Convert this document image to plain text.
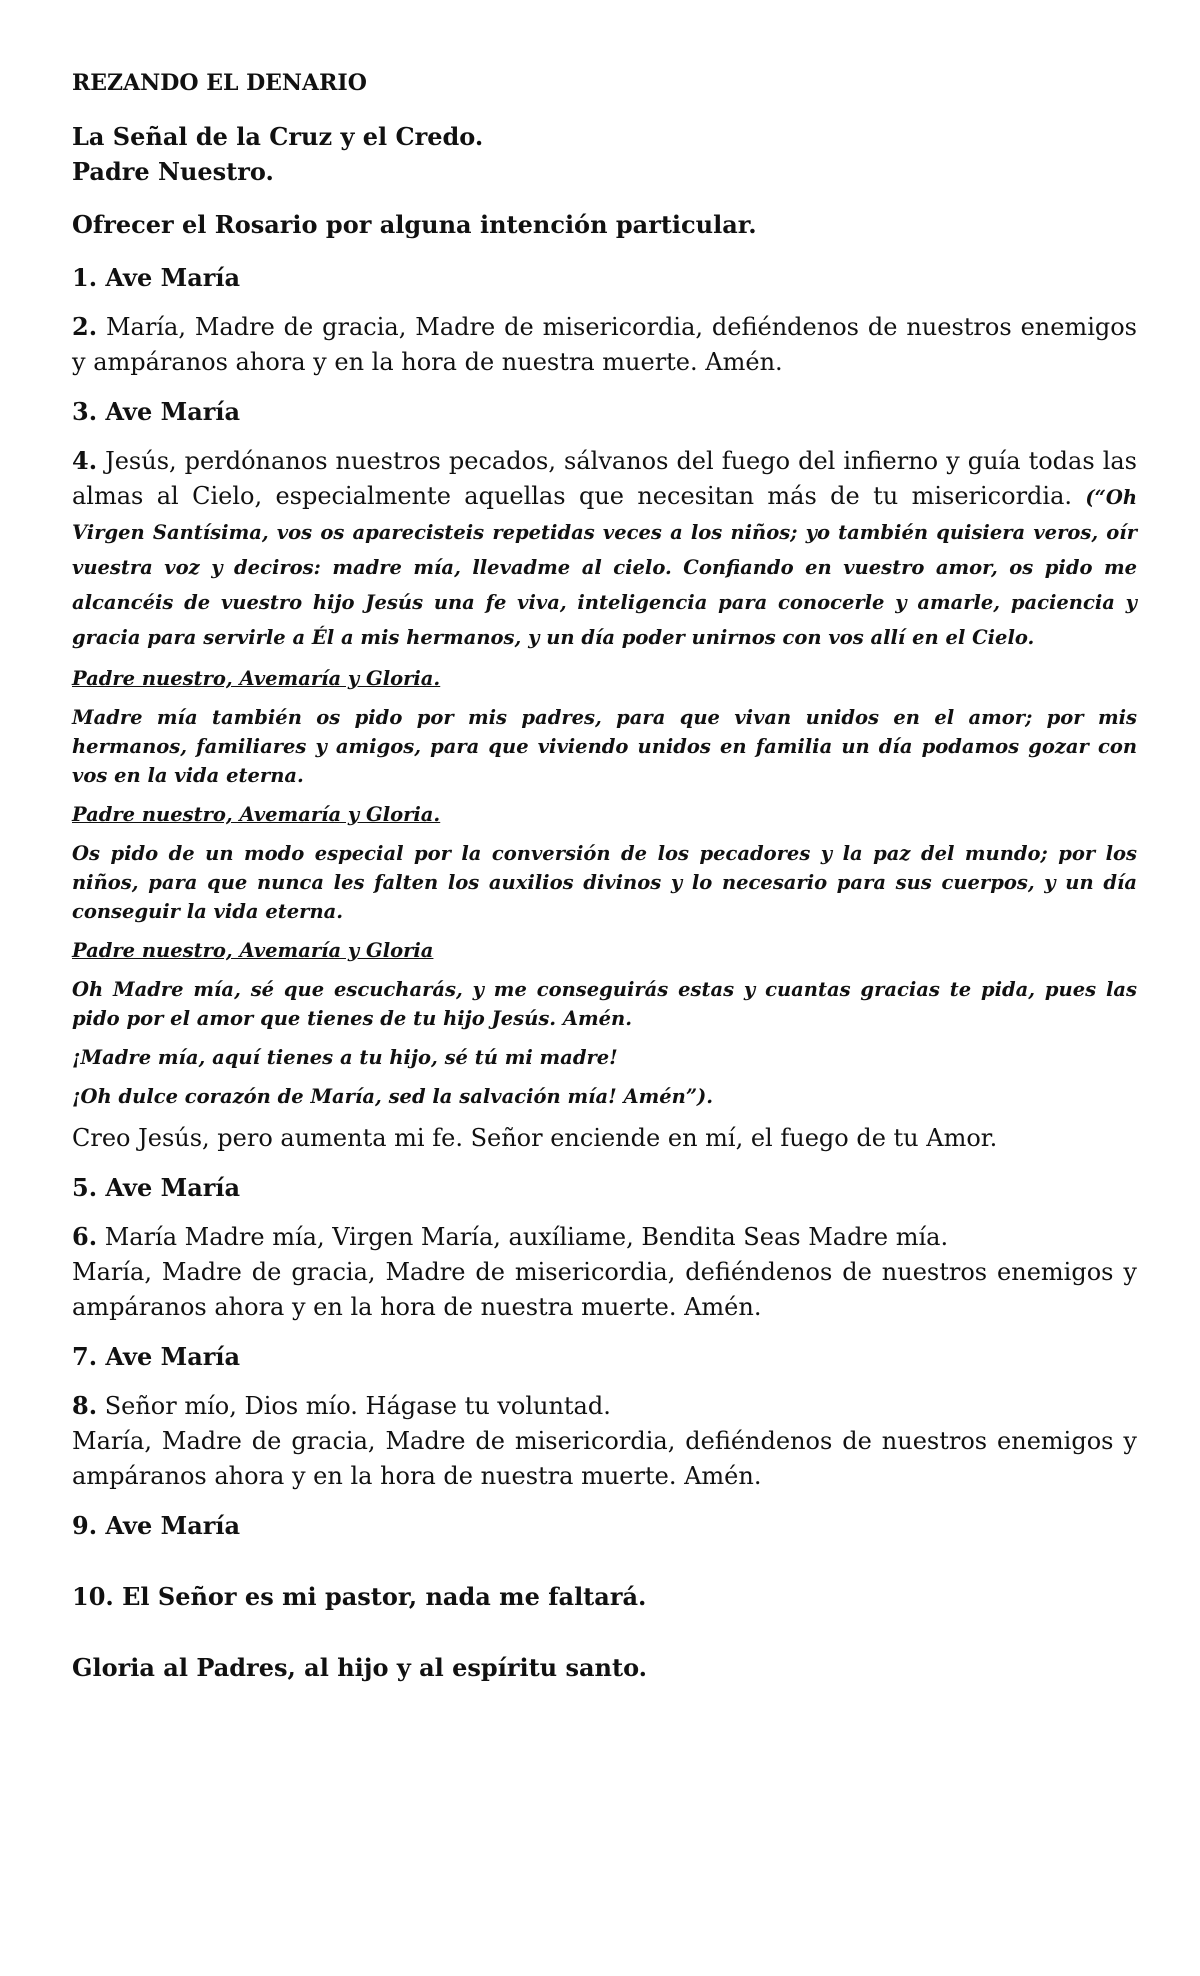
REZANDO EL DENARIO

La Señal de la Cruz y el Credo.

Padre Nuestro.

Ofrecer el Rosario por alguna intención particular.

1. Ave María

2. María, Madre de gracia, Madre de misericordia, defiéndenos de nuestros enemigos y ampáranos ahora y en la hora de nuestra muerte. Amén.

3. Ave María

4. Jesús, perdónanos nuestros pecados, sálvanos del fuego del infierno y guía todas las almas al Cielo, especialmente aquellas que necesitan más de tu misericordia. (“Oh Virgen Santísima, vos os aparecisteis repetidas veces a los niños; yo también quisiera veros, oír vuestra voz y deciros: madre mía, llevadme al cielo. Confiando en vuestro amor, os pido me alcancéis de vuestro hijo Jesús una fe viva, inteligencia para conocerle y amarle, paciencia y gracia para servirle a Él a mis hermanos, y un día poder unirnos con vos allí en el Cielo.

Padre nuestro, Avemaría y Gloria.

Madre mía también os pido por mis padres, para que vivan unidos en el amor; por mis hermanos, familiares y amigos, para que viviendo unidos en familia un día podamos gozar con vos en la vida eterna.

Padre nuestro, Avemaría y Gloria.

Os pido de un modo especial por la conversión de los pecadores y la paz del mundo; por los niños, para que nunca les falten los auxilios divinos y lo necesario para sus cuerpos, y un día conseguir la vida eterna.

Padre nuestro, Avemaría y Gloria

Oh Madre mía, sé que escucharás, y me conseguirás estas y cuantas gracias te pida, pues las pido por el amor que tienes de tu hijo Jesús. Amén.

¡Madre mía, aquí tienes a tu hijo, sé tú mi madre!

¡Oh dulce corazón de María, sed la salvación mía! Amén”).

Creo Jesús, pero aumenta mi fe. Señor enciende en mí, el fuego de tu Amor.

5. Ave María

6. María Madre mía, Virgen María, auxíliame, Bendita Seas Madre mía.

María, Madre de gracia, Madre de misericordia, defiéndenos de nuestros enemigos y ampáranos ahora y en la hora de nuestra muerte. Amén.

7. Ave María

8. Señor mío, Dios mío. Hágase tu voluntad.

María, Madre de gracia, Madre de misericordia, defiéndenos de nuestros enemigos y ampáranos ahora y en la hora de nuestra muerte. Amén.

9. Ave María

10. El Señor es mi pastor, nada me faltará.

Gloria al Padres, al hijo y al espíritu santo.
